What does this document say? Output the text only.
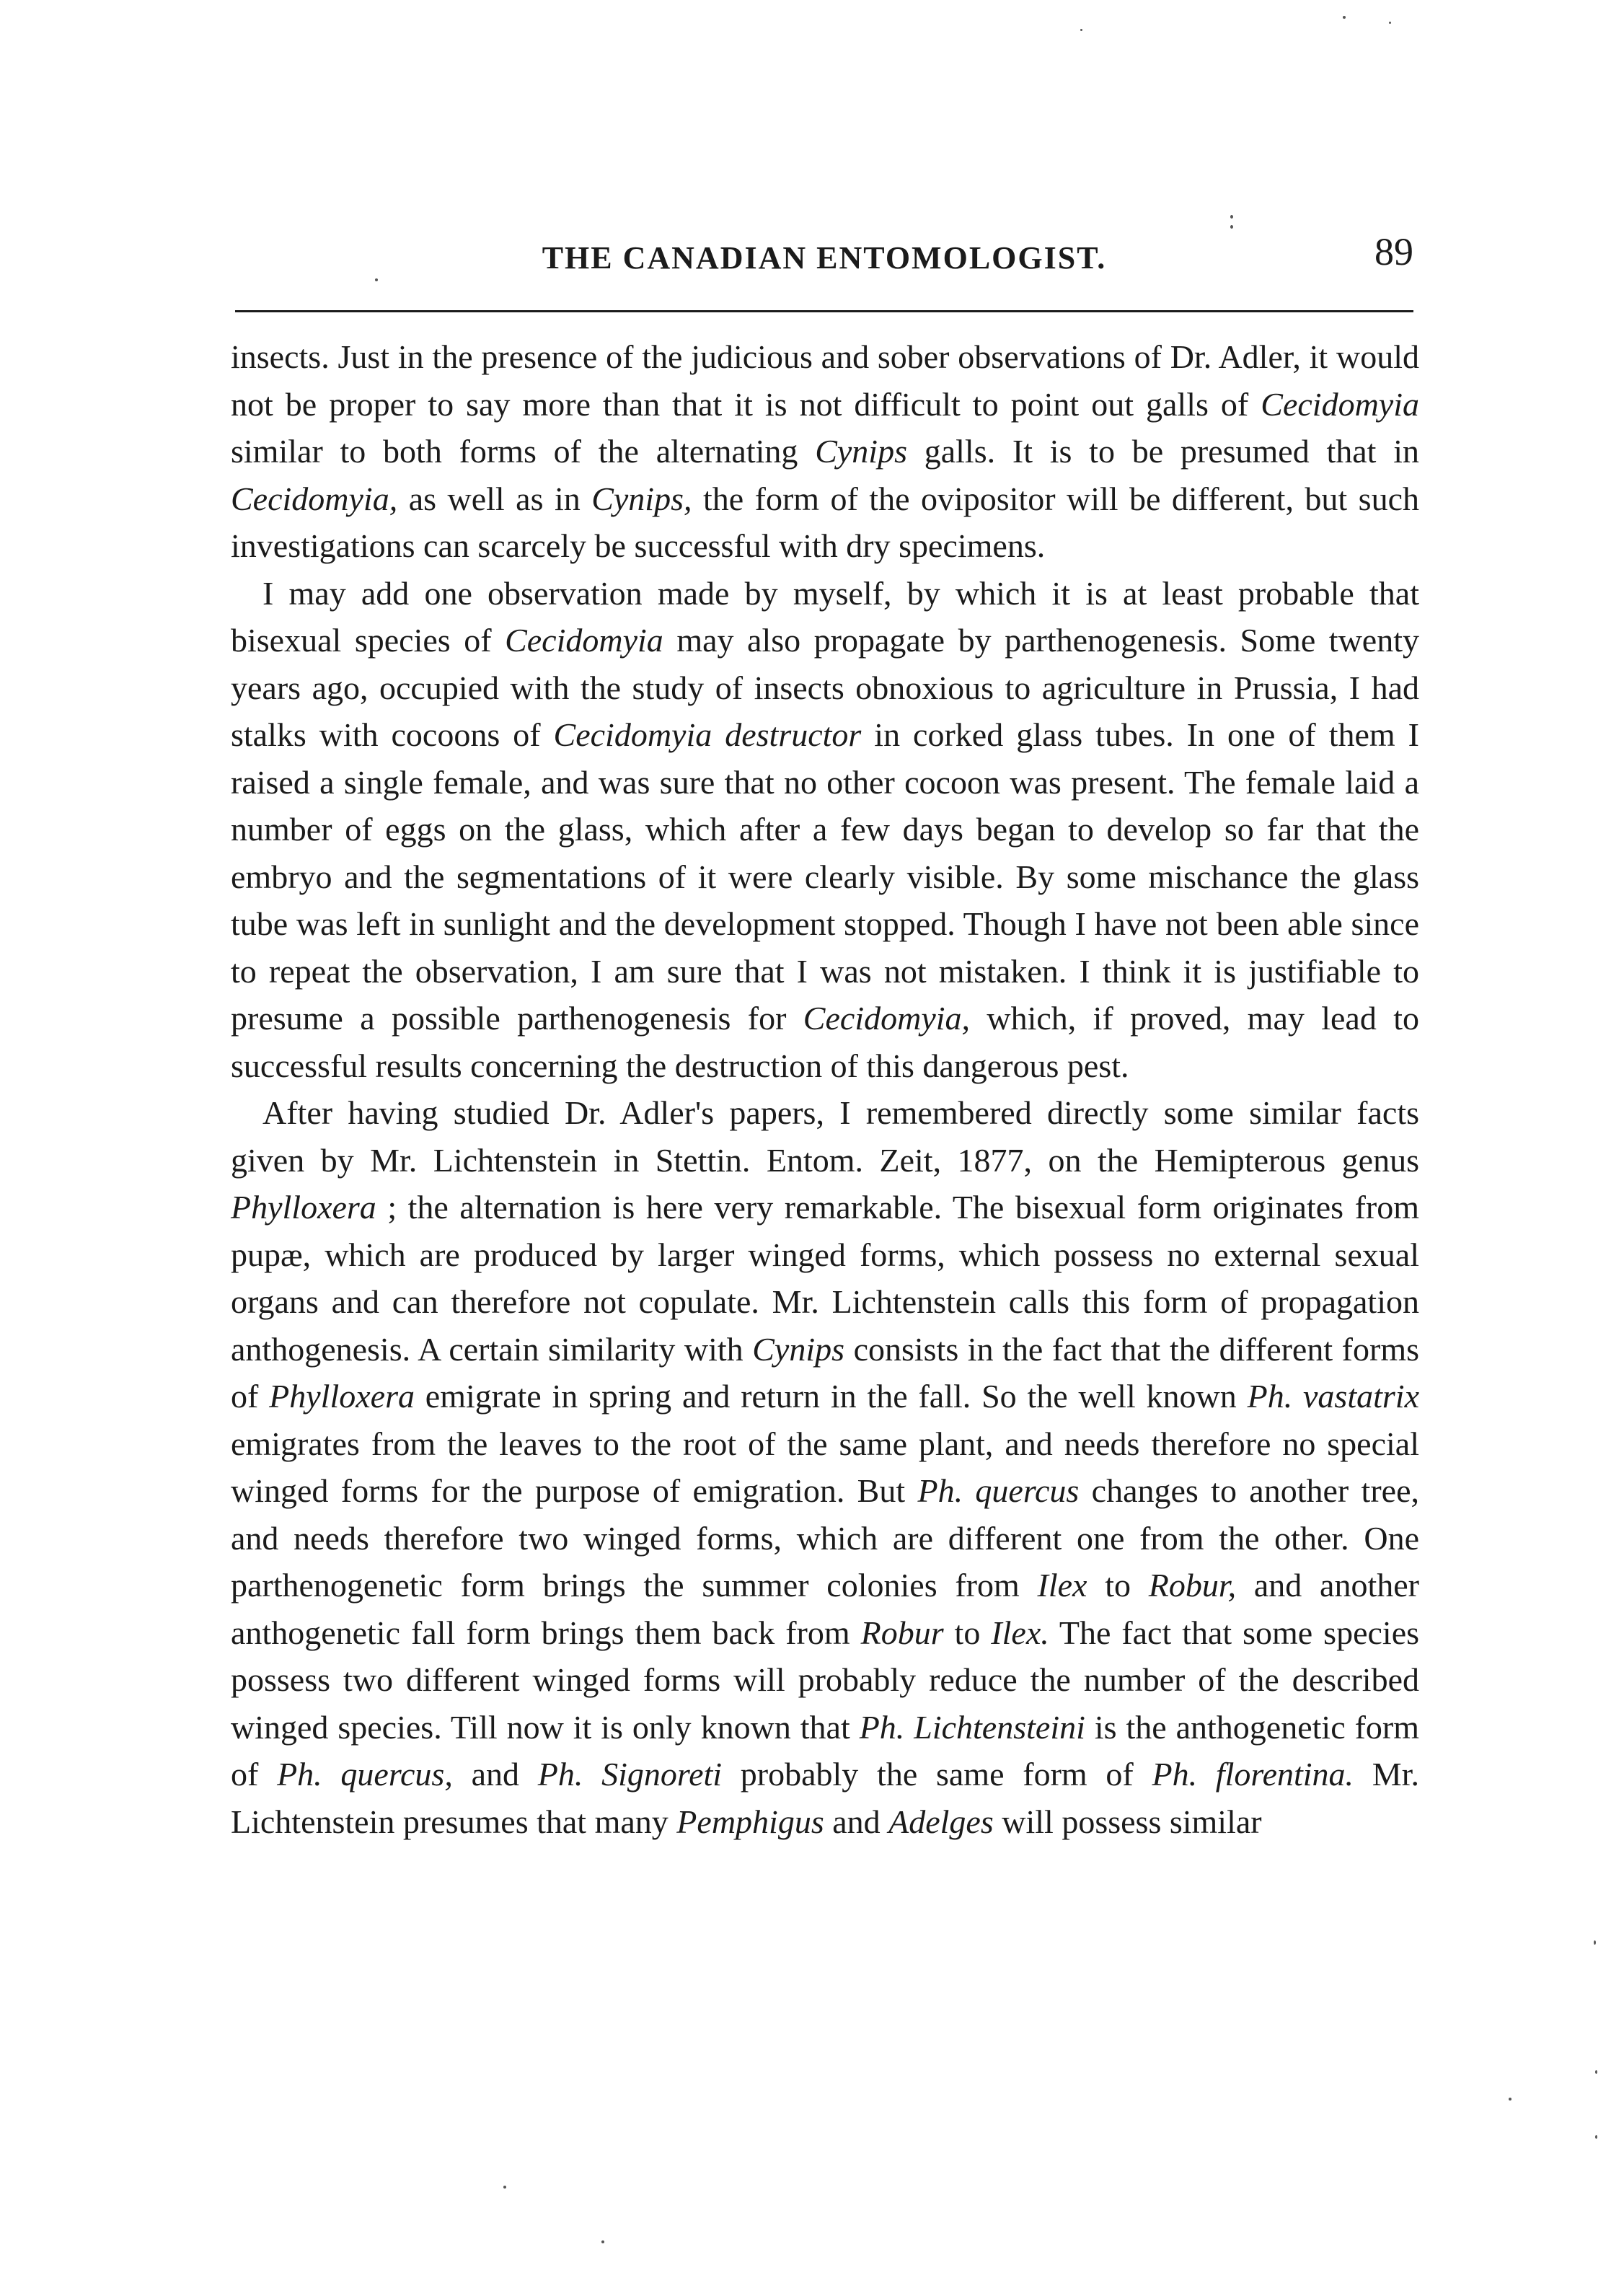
THE CANADIAN ENTOMOLOGIST.	89

insects. Just in the presence of the judicious and sober observations of Dr. Adler, it would not be proper to say more than that it is not difficult to point out galls of Cecidomyia similar to both forms of the alternating Cynips galls. It is to be presumed that in Cecidomyia, as well as in Cynips, the form of the ovipositor will be different, but such investigations can scarcely be successful with dry specimens.

I may add one observation made by myself, by which it is at least probable that bisexual species of Cecidomyia may also propagate by parthenogenesis. Some twenty years ago, occupied with the study of insects obnoxious to agriculture in Prussia, I had stalks with cocoons of Cecidomyia destructor in corked glass tubes. In one of them I raised a single female, and was sure that no other cocoon was present. The female laid a number of eggs on the glass, which after a few days began to develop so far that the embryo and the segmentations of it were clearly visible. By some mischance the glass tube was left in sunlight and the development stopped. Though I have not been able since to repeat the observation, I am sure that I was not mistaken. I think it is justifiable to presume a possible parthenogenesis for Cecidomyia, which, if proved, may lead to successful results concerning the destruction of this dangerous pest.

After having studied Dr. Adler's papers, I remembered directly some similar facts given by Mr. Lichtenstein in Stettin. Entom. Zeit, 1877, on the Hemipterous genus Phylloxera ; the alternation is here very remarkable. The bisexual form originates from pupæ, which are produced by larger winged forms, which possess no external sexual organs and can therefore not copulate. Mr. Lichtenstein calls this form of propagation anthogenesis. A certain similarity with Cynips consists in the fact that the different forms of Phylloxera emigrate in spring and return in the fall. So the well known Ph. vastatrix emigrates from the leaves to the root of the same plant, and needs therefore no special winged forms for the purpose of emigration. But Ph. quercus changes to another tree, and needs therefore two winged forms, which are different one from the other. One parthenogenetic form brings the summer colonies from Ilex to Robur, and another anthogenetic fall form brings them back from Robur to Ilex. The fact that some species possess two different winged forms will probably reduce the number of the described winged species. Till now it is only known that Ph. Lichtensteini is the anthogenetic form of Ph. quercus, and Ph. Signoreti probably the same form of Ph. florentina. Mr. Lichtenstein presumes that many Pemphigus and Adelges will possess similar
